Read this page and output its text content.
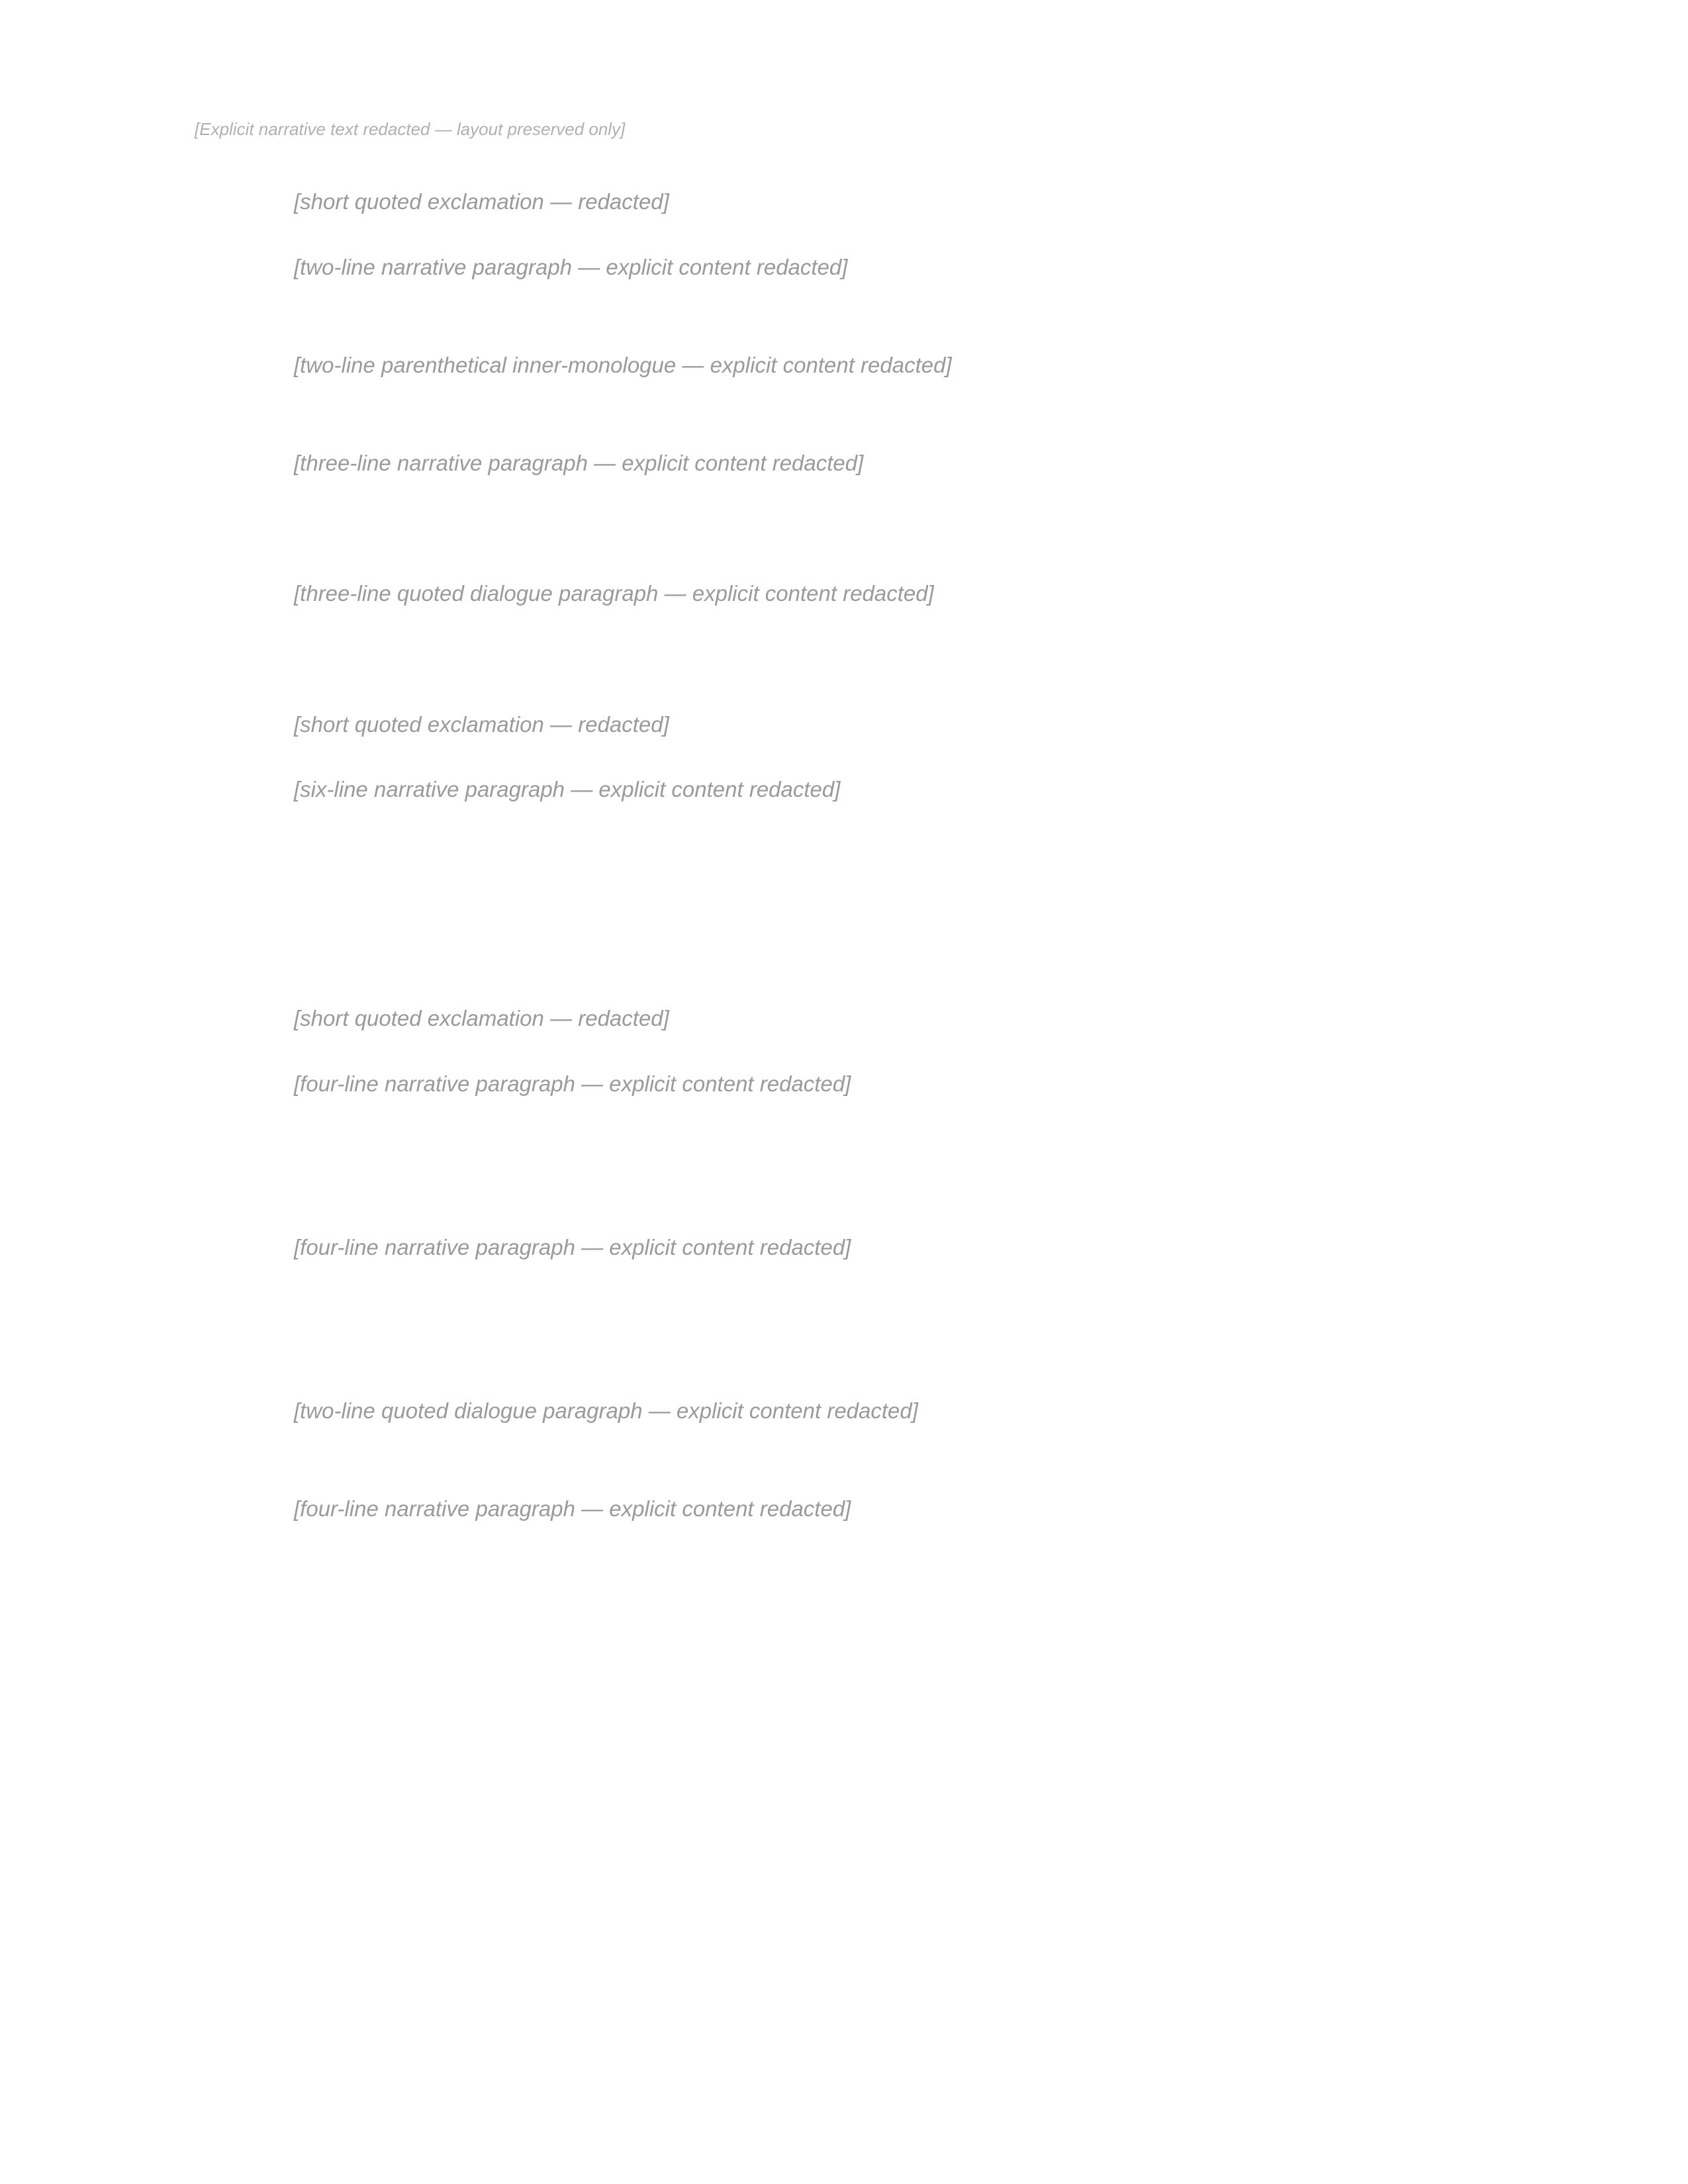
[Explicit narrative text redacted — layout preserved only]

[short quoted exclamation — redacted]

[two-line narrative paragraph — explicit content redacted]

[two-line parenthetical inner-monologue — explicit content redacted]

[three-line narrative paragraph — explicit content redacted]

[three-line quoted dialogue paragraph — explicit content redacted]

[short quoted exclamation — redacted]

[six-line narrative paragraph — explicit content redacted]

[short quoted exclamation — redacted]

[four-line narrative paragraph — explicit content redacted]

[four-line narrative paragraph — explicit content redacted]

[two-line quoted dialogue paragraph — explicit content redacted]

[four-line narrative paragraph — explicit content redacted]
